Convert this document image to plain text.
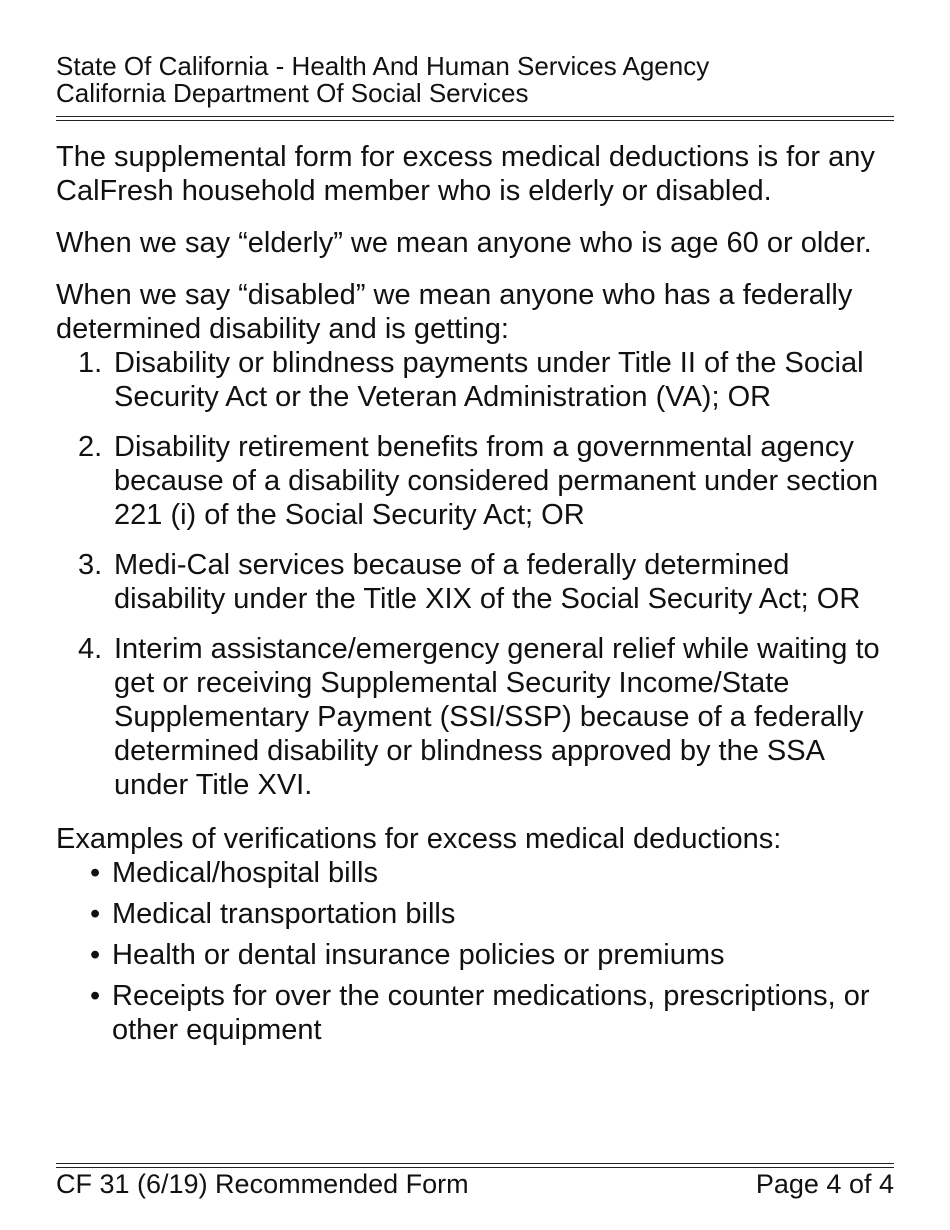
State Of California - Health And Human Services Agency
California Department Of Social Services

The supplemental form for excess medical deductions is for any CalFresh household member who is elderly or disabled.

When we say “elderly” we mean anyone who is age 60 or older.

When we say “disabled” we mean anyone who has a federally determined disability and is getting:

1. Disability or blindness payments under Title II of the Social Security Act or the Veteran Administration (VA); OR
2. Disability retirement benefits from a governmental agency because of a disability considered permanent under section 221 (i) of the Social Security Act; OR
3. Medi-Cal services because of a federally determined disability under the Title XIX of the Social Security Act; OR
4. Interim assistance/emergency general relief while waiting to get or receiving Supplemental Security Income/State Supplementary Payment (SSI/SSP) because of a federally determined disability or blindness approved by the SSA under Title XVI.

Examples of verifications for excess medical deductions:

• Medical/hospital bills
• Medical transportation bills
• Health or dental insurance policies or premiums
• Receipts for over the counter medications, prescriptions, or other equipment
CF 31 (6/19) Recommended Form	Page 4 of 4
